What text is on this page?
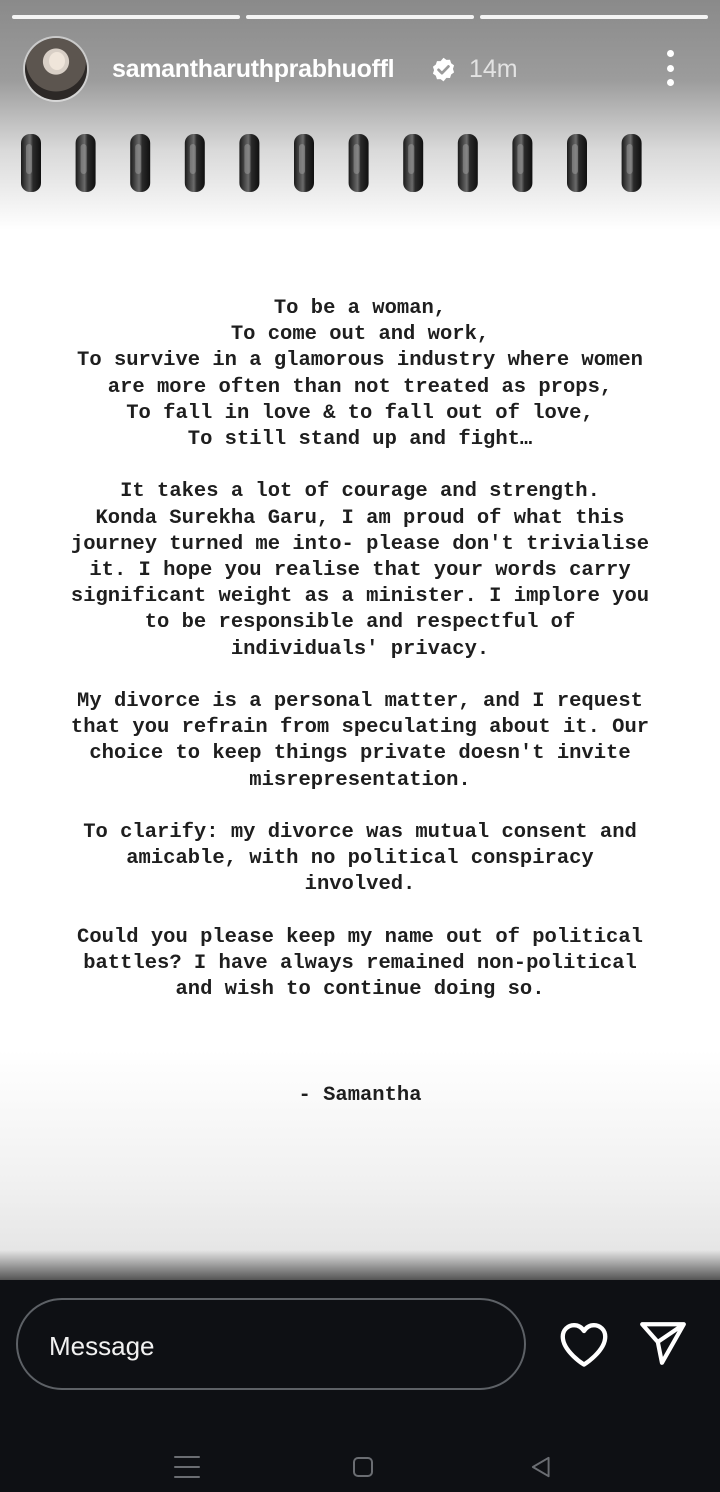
samantharuthprabhuoffl	14m

To be a woman,
To come out and work,
To survive in a glamorous industry where women
are more often than not treated as props,
To fall in love & to fall out of love,
To still stand up and fight…

It takes a lot of courage and strength.
Konda Surekha Garu, I am proud of what this
journey turned me into- please don't trivialise
it. I hope you realise that your words carry
significant weight as a minister. I implore you
to be responsible and respectful of
individuals' privacy.

My divorce is a personal matter, and I request
that you refrain from speculating about it. Our
choice to keep things private doesn't invite
misrepresentation.

To clarify: my divorce was mutual consent and
amicable, with no political conspiracy
involved.

Could you please keep my name out of political
battles? I have always remained non-political
and wish to continue doing so.

- Samantha
Message
